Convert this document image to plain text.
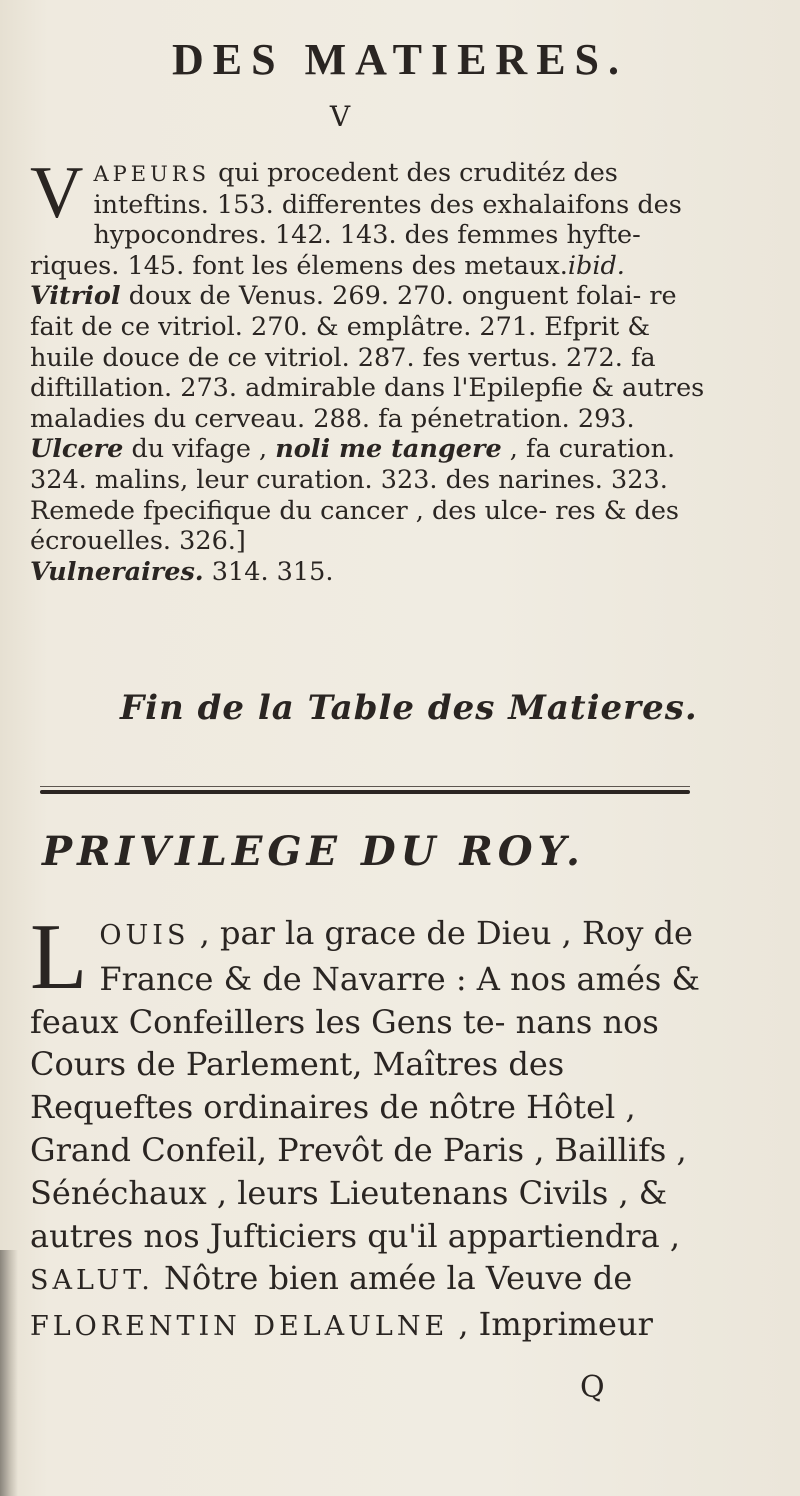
DES MATIERES.
V

V APEURS qui procedent des cruditéz des inteftins. 153. differentes des exhalaifons des hypocondres. 142. 143. des femmes hyfte- riques. 145. font les élemens des metaux.ibid.

Vitriol doux de Venus. 269. 270. onguent folai- re fait de ce vitriol. 270. & emplâtre. 271. Efprit & huile douce de ce vitriol. 287. fes vertus. 272. fa diftillation. 273. admirable dans l'Epilepfie & autres maladies du cerveau. 288. fa pénetration. 293.

Ulcere du vifage , noli me tangere , fa curation. 324. malins, leur curation. 323. des narines. 323. Remede fpecifique du cancer , des ulce- res & des écrouelles. 326.]

Vulneraires. 314. 315.

Fin de la Table des Matieres.
PRIVILEGE DU ROY.
L OUIS , par la grace de Dieu , Roy de France & de Navarre : A nos amés & feaux Confeillers les Gens te- nans nos Cours de Parlement, Maîtres des Requeftes ordinaires de nôtre Hôtel , Grand Confeil, Prevôt de Paris , Baillifs , Sénéchaux , leurs Lieutenans Civils , & autres nos Jufticiers qu'il appartiendra , SALUT. Nôtre bien amée la Veuve de FLORENTIN DELAULNE , Imprimeur
Q
